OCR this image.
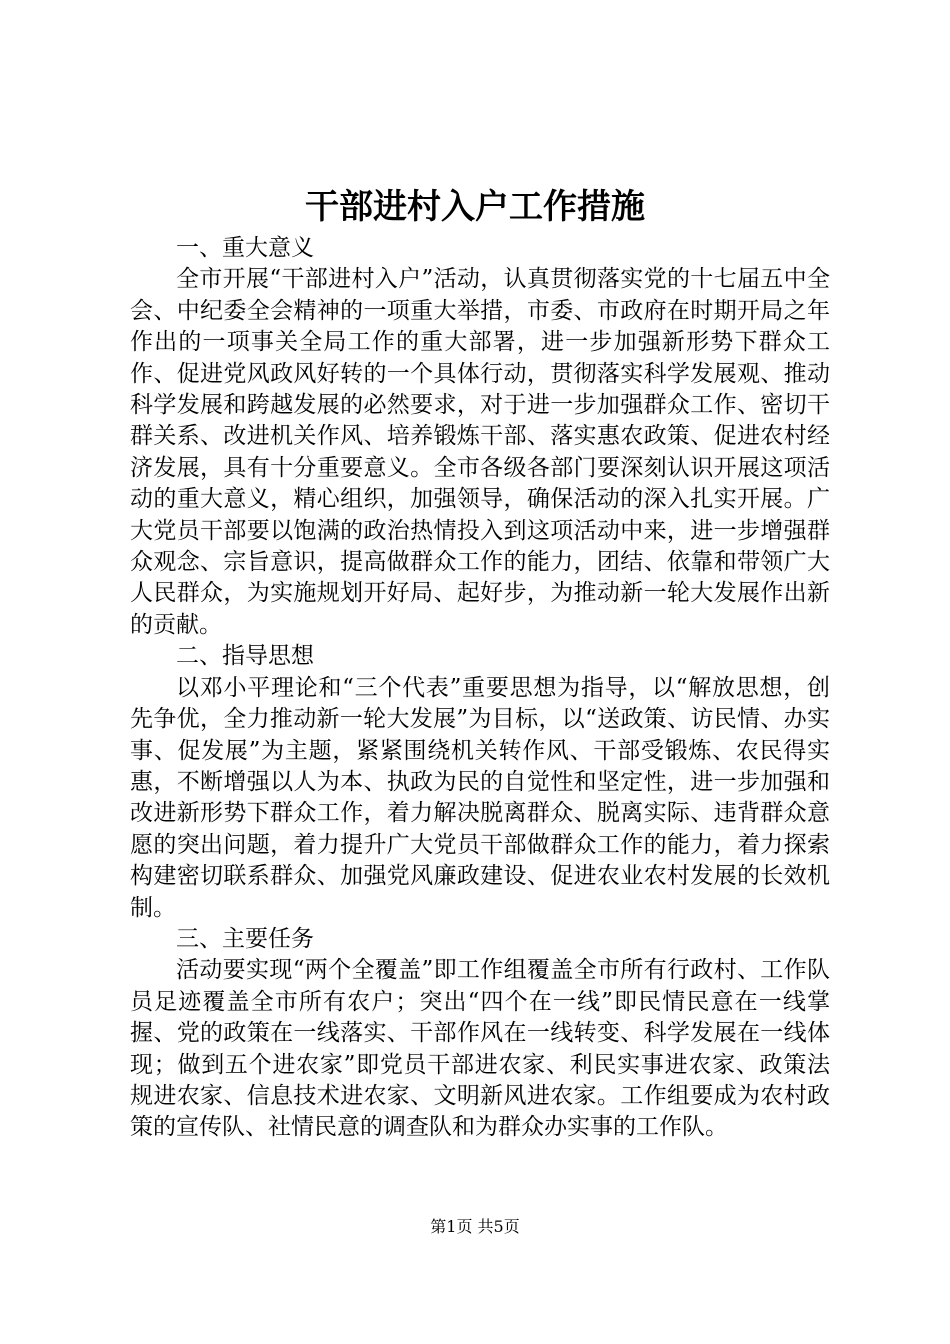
干部进村入户工作措施

一、重大意义

全市开展“干部进村入户”活动，认真贯彻落实党的十七届五中全会、中纪委全会精神的一项重大举措，市委、市政府在时期开局之年作出的一项事关全局工作的重大部署，进一步加强新形势下群众工作、促进党风政风好转的一个具体行动，贯彻落实科学发展观、推动科学发展和跨越发展的必然要求，对于进一步加强群众工作、密切干群关系、改进机关作风、培养锻炼干部、落实惠农政策、促进农村经济发展，具有十分重要意义。全市各级各部门要深刻认识开展这项活动的重大意义，精心组织，加强领导，确保活动的深入扎实开展。广大党员干部要以饱满的政治热情投入到这项活动中来，进一步增强群众观念、宗旨意识，提高做群众工作的能力，团结、依靠和带领广大人民群众，为实施规划开好局、起好步，为推动新一轮大发展作出新的贡献。

二、指导思想

以邓小平理论和“三个代表”重要思想为指导，以“解放思想，创先争优，全力推动新一轮大发展”为目标，以“送政策、访民情、办实事、促发展”为主题，紧紧围绕机关转作风、干部受锻炼、农民得实惠，不断增强以人为本、执政为民的自觉性和坚定性，进一步加强和改进新形势下群众工作，着力解决脱离群众、脱离实际、违背群众意愿的突出问题，着力提升广大党员干部做群众工作的能力，着力探索构建密切联系群众、加强党风廉政建设、促进农业农村发展的长效机制。

三、主要任务

活动要实现“两个全覆盖”即工作组覆盖全市所有行政村、工作队员足迹覆盖全市所有农户；突出“四个在一线”即民情民意在一线掌握、党的政策在一线落实、干部作风在一线转变、科学发展在一线体现；做到五个进农家”即党员干部进农家、利民实事进农家、政策法规进农家、信息技术进农家、文明新风进农家。工作组要成为农村政策的宣传队、社情民意的调查队和为群众办实事的工作队。

第1页 共5页
